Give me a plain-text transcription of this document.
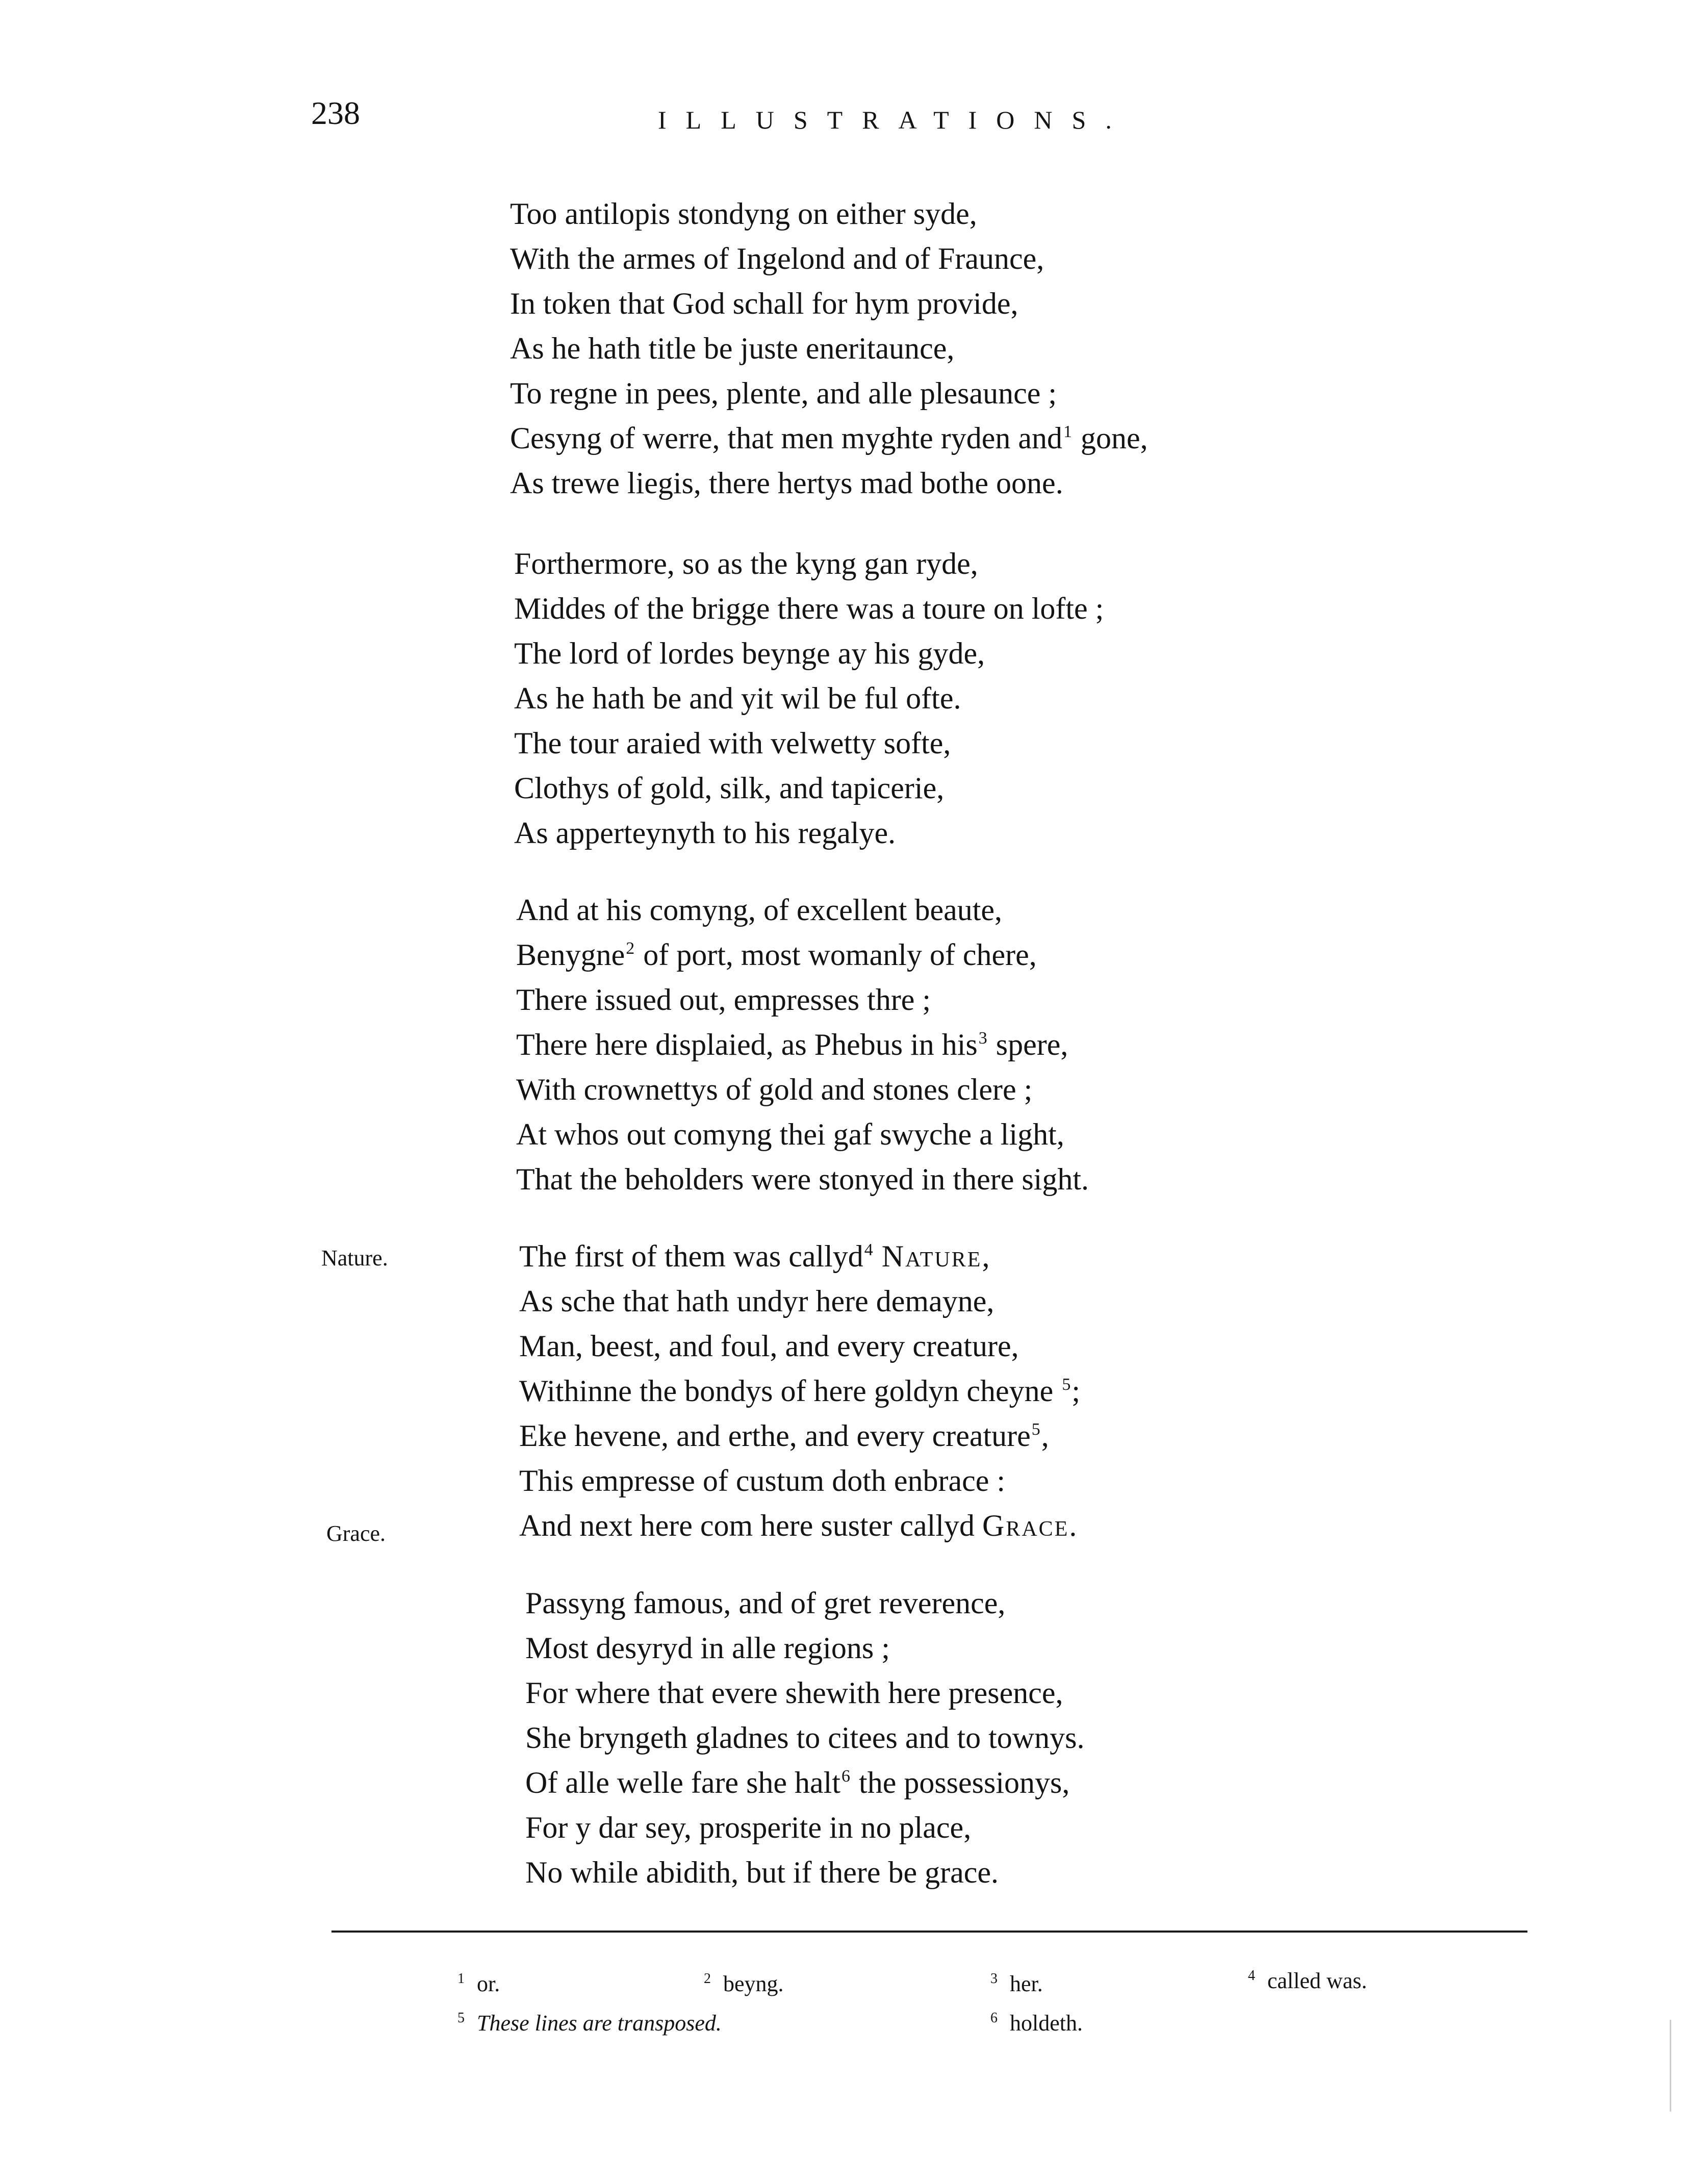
238	ILLUSTRATIONS.
Too antilopis stondyng on either syde,
With the armes of Ingelond and of Fraunce,
In token that God schall for hym provide,
As he hath title be juste eneritaunce,
To regne in pees, plente, and alle plesaunce ;
Cesyng of werre, that men myghte ryden and$^1$ gone,
As trewe liegis, there hertys mad bothe oone.
Forthermore, so as the kyng gan ryde,
Middes of the brigge there was a toure on lofte ;
The lord of lordes beynge ay his gyde,
As he hath be and yit wil be ful ofte.
The tour araied with velwetty softe,
Clothys of gold, silk, and tapicerie,
As apperteynyth to his regalye.
And at his comyng, of excellent beaute,
Benygne$^2$ of port, most womanly of chere,
There issued out, empresses thre ;
There here displaied, as Phebus in his$^3$ spere,
With crownettys of gold and stones clere ;
At whos out comyng thei gaf swyche a light,
That the beholders were stonyed in there sight.
The first of them was callyd$^4$ Nature,
As sche that hath undyr here demayne,
Man, beest, and foul, and every creature,
Withinne the bondys of here goldyn cheyne $^5$;
Eke hevene, and erthe, and every creature$^5$,
This empresse of custum doth enbrace :
And next here com here suster callyd Grace.
Passyng famous, and of gret reverence,
Most desyryd in alle regions ;
For where that evere shewith here presence,
She bryngeth gladnes to citees and to townys.
Of alle welle fare she halt$^6$ the possessionys,
For y dar sey, prosperite in no place,
No while abidith, but if there be grace.
Nature.
Grace.
$^1$ or.	$^2$ beyng.	$^3$ her.	$^4$ called was.
$^5$ These lines are transposed.	$^6$ holdeth.
